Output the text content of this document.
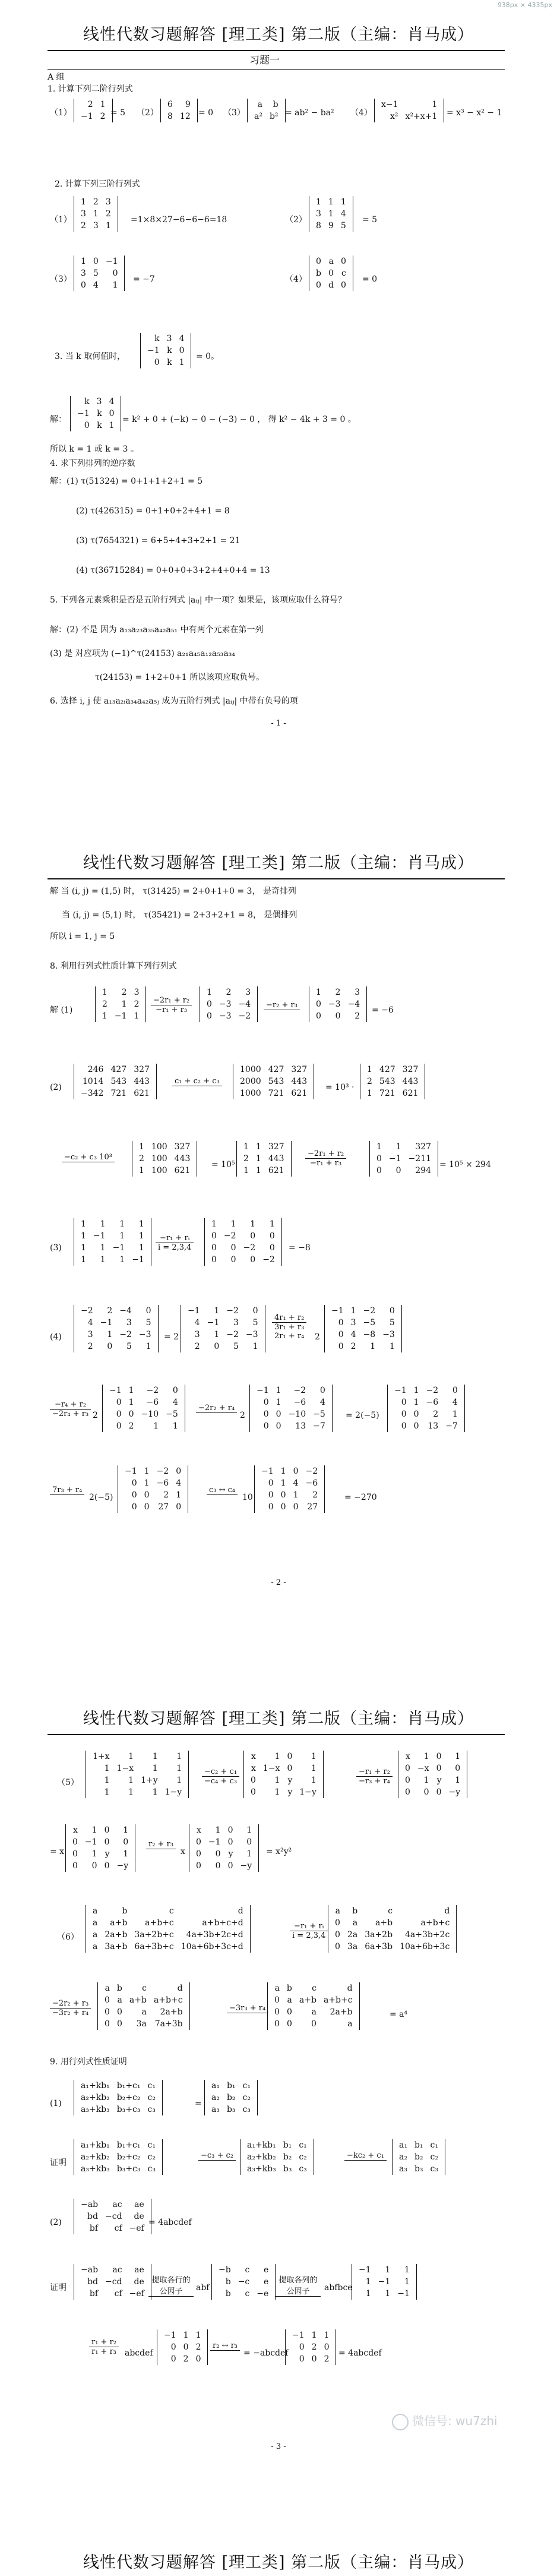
938px × 4335px
线性代数习题解答 [理工类] 第二版（主编：肖马成）
习题一
A 组
1. 计算下列二阶行列式
（1）
2	1
−1	2 = 5 （2）
6	9
8	12 = 0 （3）
a	b
a²	b² = ab² − ba² （4）
x−1	1
x²	x²+x+1 = x³ − x² − 1
2. 计算下列三阶行列式
（1）
1	2	3
3	1	2
2	3	1
=1×8×27−6−6−6=18	（2）
1	1	1
3	1	4
8	9	5
= 5
（3）
1	0	−1
3	5	0
0	4	1
= −7	（4）
0	a	0
b	0	c
0	d	0
= 0
3. 当 k 取何值时，
k	3	4
−1	k	0
0	k	1
= 0。
解：
k	3	4
−1	k	0
0	k	1
= k² + 0 + (−k) − 0 − (−3) − 0 ， 得 k² − 4k + 3 = 0 。
所以 k = 1 或 k = 3 。
4. 求下列排列的逆序数
解：(1) τ(51324) = 0+1+1+2+1 = 5
(2) τ(426315) = 0+1+0+2+4+1 = 8
(3) τ(7654321) = 6+5+4+3+2+1 = 21
(4) τ(36715284) = 0+0+0+3+2+4+0+4 = 13
5. 下列各元素乘积是否是五阶行列式 |aᵢⱼ| 中一项？如果是，该项应取什么符号？
解：(2) 不是 因为 a₁₃a₂₃a₃₅a₄₂a₅₁ 中有两个元素在第一列
(3) 是 对应项为 (−1)^τ(24153) a₂₁a₄₅a₁₂a₅₃a₃₄
τ(24153) = 1+2+0+1 所以该项应取负号。
6. 选择 i, j 使 a₁₃a₂ᵢa₃₄a₄₂a₅ⱼ 成为五阶行列式 |aᵢⱼ| 中带有负号的项
- 1 -
线性代数习题解答 [理工类] 第二版（主编：肖马成）
解 当 (i, j) = (1,5) 时， τ(31425) = 2+0+1+0 = 3， 是奇排列
当 (i, j) = (5,1) 时， τ(35421) = 2+3+2+1 = 8， 是偶排列
所以 i = 1, j = 5
8. 利用行列式性质计算下列行列式
解 (1)
1	2	3
2	1	2
1	−1	1
−2r₁ + r₂
−r₁ + r₃
1	2	3
0	−3	−4
0	−3	−2
−r₂ + r₃
1	2	3
0	−3	−4
0	0	2
= −6
(2)
246	427	327
1014	543	443
−342	721	621
c₁ + c₂ + c₃
1000	427	327
2000	543	443
1000	721	621
= 10³ ·
1	427	327
2	543	443
1	721	621
−c₂ + c₃ 10³
1	100	327
2	100	443
1	100	621
= 10⁵
1	1	327
2	1	443
1	1	621
−2r₁ + r₂
−r₁ + r₃
1	1	327
0	−1	−211
0	0	294
= 10⁵ × 294
(3)
1	1	1	1
1	−1	1	1
1	1	−1	1
1	1	1	−1
−r₁ + rᵢ
i = 2,3,4
1	1	1	1
0	−2	0	0
0	0	−2	0
0	0	0	−2
= −8
(4)
−2	2	−4	0
4	−1	3	5
3	1	−2	−3
2	0	5	1
= 2
−1	1	−2	0
4	−1	3	5
3	1	−2	−3
2	0	5	1
4r₁ + r₂
3r₁ + r₃
2r₁ + r₄ 2
−1	1	−2	0
0	3	−5	5
0	4	−8	−3
0	2	1	1
−r₄ + r₂
−2r₄ + r₃ 2
−1	1	−2	0
0	1	−6	4
0	0	−10	−5
0	2	1	1
−2r₂ + r₄
2
−1	1	−2	0
0	1	−6	4
0	0	−10	−5
0	0	13	−7
= 2(−5)
−1	1	−2	0
0	1	−6	4
0	0	2	1
0	0	13	−7
7r₃ + r₄
2(−5)
−1	1	−2	0
0	1	−6	4
0	0	2	1
0	0	27	0
c₃ ↔ c₄
10
−1	1	0	−2
0	1	4	−6
0	0	1	2
0	0	0	27
= −270
- 2 -
线性代数习题解答 [理工类] 第二版（主编：肖马成）
（5）
1+x	1	1	1
1	1−x	1	1
1	1	1+y	1
1	1	1	1−y
−c₂ + c₁
−c₄ + c₃
x	1	0	1
x	1−x	0	1
0	1	y	1
0	1	y	1−y
−r₁ + r₂
−r₃ + r₄
x	1	0	1
0	−x	0	0
0	1	y	1
0	0	0	−y
= x
x	1	0	1
0	−1	0	0
0	1	y	1
0	0	0	−y
r₂ + r₃
x
x	1	0	1
0	−1	0	0
0	0	y	1
0	0	0	−y
= x²y²
（6）
a	b	c	d
a	a+b	a+b+c	a+b+c+d
a	2a+b	3a+2b+c	4a+3b+2c+d
a	3a+b	6a+3b+c	10a+6b+3c+d
−r₁ + rᵢ
i = 2,3,4
a	b	c	d
0	a	a+b	a+b+c
0	2a	3a+2b	4a+3b+2c
0	3a	6a+3b	10a+6b+3c
−2r₂ + r₃
−3r₂ + r₄
a	b	c	d
0	a	a+b	a+b+c
0	0	a	2a+b
0	0	3a	7a+3b
−3r₃ + r₄
a	b	c	d
0	a	a+b	a+b+c
0	0	a	2a+b
0	0	0	a
= a⁴
9. 用行列式性质证明
(1)
a₁+kb₁	b₁+c₁	c₁
a₂+kb₂	b₂+c₂	c₂
a₃+kb₃	b₃+c₃	c₃
=
a₁	b₁	c₁
a₂	b₂	c₂
a₃	b₃	c₃
证明
a₁+kb₁	b₁+c₁	c₁
a₂+kb₂	b₂+c₂	c₂
a₃+kb₃	b₃+c₃	c₃
−c₃ + c₂
a₁+kb₁	b₁	c₁
a₂+kb₂	b₂	c₂
a₃+kb₃	b₃	c₃
−kc₂ + c₁
a₁	b₁	c₁
a₂	b₂	c₂
a₃	b₃	c₃
(2)
−ab	ac	ae
bd	−cd	de
bf	cf	−ef
= 4abcdef
证明
−ab	ac	ae
bd	−cd	de
bf	cf	−ef
提取各行的公因子	abf
−b	c	e
b	−c	e
b	c	−e
提取各列的公因子	abfbce
−1	1	1
1	−1	1
1	1	−1
r₁ + r₂
r₁ + r₃ abcdef
−1	1	1
0	0	2
0	2	0
r₂ ↔ r₃
= −abcdef
−1	1	1
0	2	0
0	0	2
= 4abcdef
- 3 -
微信号: wu7zhi
线性代数习题解答 [理工类] 第二版（主编：肖马成）
